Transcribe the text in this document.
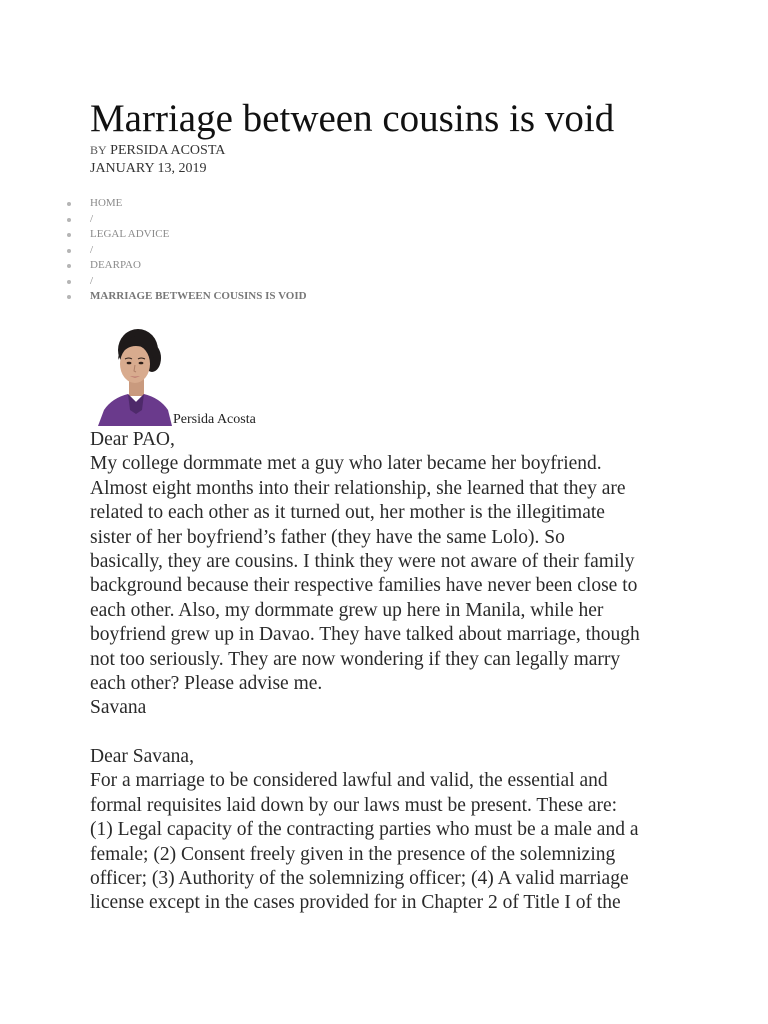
Marriage between cousins is void
BY PERSIDA ACOSTA
JANUARY 13, 2019
HOME
/
LEGAL ADVICE
/
DEARPAO
/
MARRIAGE BETWEEN COUSINS IS VOID
Persida Acosta
Dear PAO,
My college dormmate met a guy who later became her boyfriend.
Almost eight months into their relationship, she learned that they are
related to each other as it turned out, her mother is the illegitimate
sister of her boyfriend’s father (they have the same Lolo). So
basically, they are cousins. I think they were not aware of their family
background because their respective families have never been close to
each other. Also, my dormmate grew up here in Manila, while her
boyfriend grew up in Davao. They have talked about marriage, though
not too seriously. They are now wondering if they can legally marry
each other? Please advise me.
Savana
Dear Savana,
For a marriage to be considered lawful and valid, the essential and
formal requisites laid down by our laws must be present. These are:
(1) Legal capacity of the contracting parties who must be a male and a
female; (2) Consent freely given in the presence of the solemnizing
officer; (3) Authority of the solemnizing officer; (4) A valid marriage
license except in the cases provided for in Chapter 2 of Title I of the
